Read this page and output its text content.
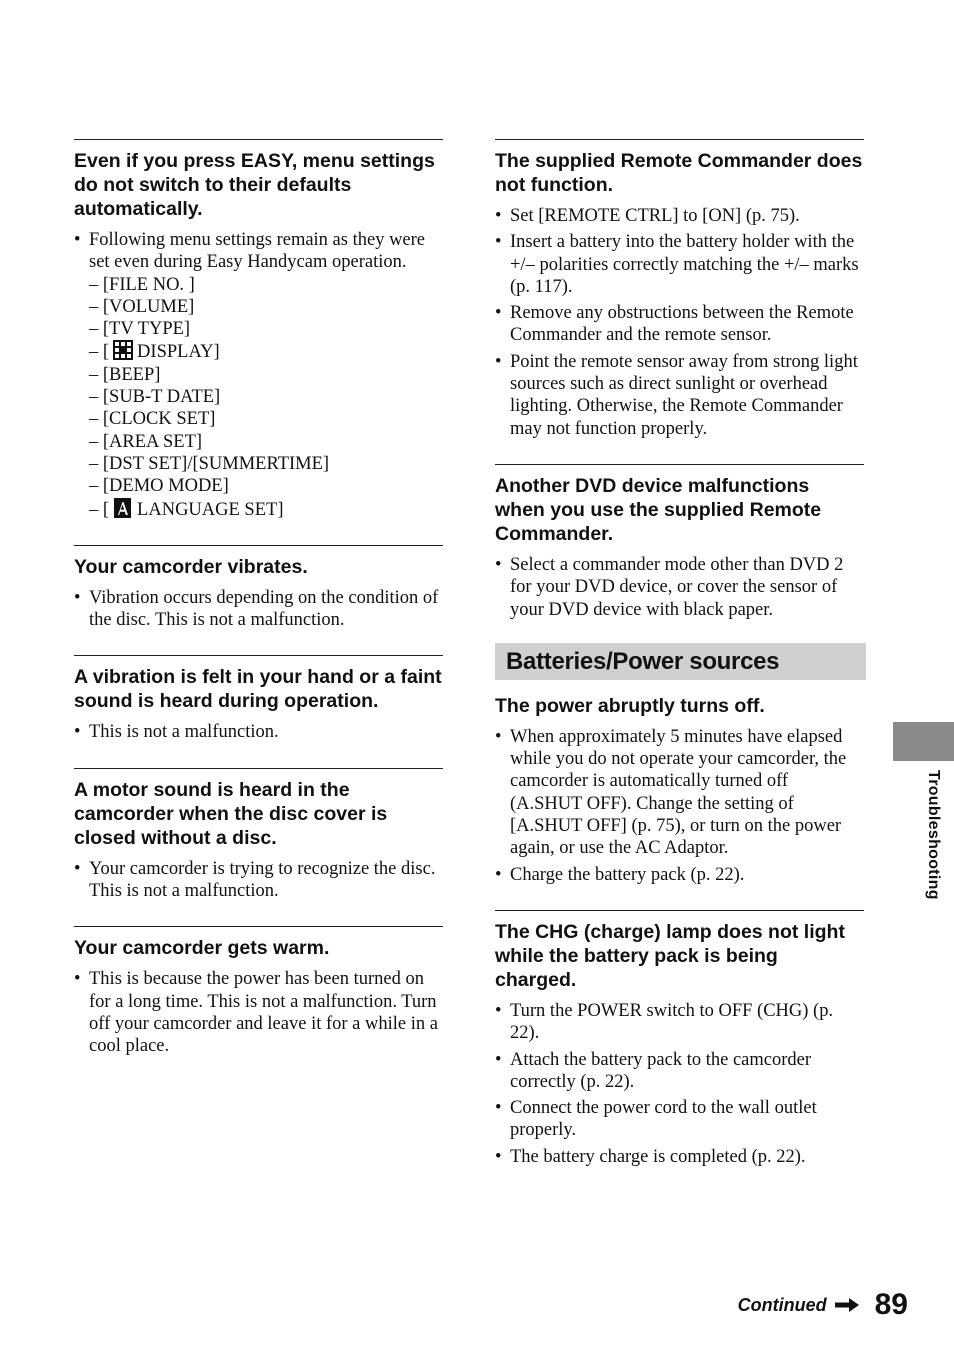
Even if you press EASY, menu settings do not switch to their defaults automatically.
• Following menu settings remain as they were set even during Easy Handycam operation.
– [FILE NO. ]
– [VOLUME]
– [TV TYPE]
– [ DISPLAY]
– [BEEP]
– [SUB-T DATE]
– [CLOCK SET]
– [AREA SET]
– [DST SET]/[SUMMERTIME]
– [DEMO MODE]
– [ LANGUAGE SET]
Your camcorder vibrates.
• Vibration occurs depending on the condition of the disc. This is not a malfunction.
A vibration is felt in your hand or a faint sound is heard during operation.
• This is not a malfunction.
A motor sound is heard in the camcorder when the disc cover is closed without a disc.
• Your camcorder is trying to recognize the disc. This is not a malfunction.
Your camcorder gets warm.
• This is because the power has been turned on for a long time. This is not a malfunction. Turn off your camcorder and leave it for a while in a cool place.
The supplied Remote Commander does not function.
• Set [REMOTE CTRL] to [ON] (p. 75).
• Insert a battery into the battery holder with the +/– polarities correctly matching the +/– marks (p. 117).
• Remove any obstructions between the Remote Commander and the remote sensor.
• Point the remote sensor away from strong light sources such as direct sunlight or overhead lighting. Otherwise, the Remote Commander may not function properly.
Another DVD device malfunctions when you use the supplied Remote Commander.
• Select a commander mode other than DVD 2 for your DVD device, or cover the sensor of your DVD device with black paper.
Batteries/Power sources
The power abruptly turns off.
• When approximately 5 minutes have elapsed while you do not operate your camcorder, the camcorder is automatically turned off (A.SHUT OFF). Change the setting of [A.SHUT OFF] (p. 75), or turn on the power again, or use the AC Adaptor.
• Charge the battery pack (p. 22).
The CHG (charge) lamp does not light while the battery pack is being charged.
• Turn the POWER switch to OFF (CHG) (p. 22).
• Attach the battery pack to the camcorder correctly (p. 22).
• Connect the power cord to the wall outlet properly.
• The battery charge is completed (p. 22).
Troubleshooting
Continued 89
